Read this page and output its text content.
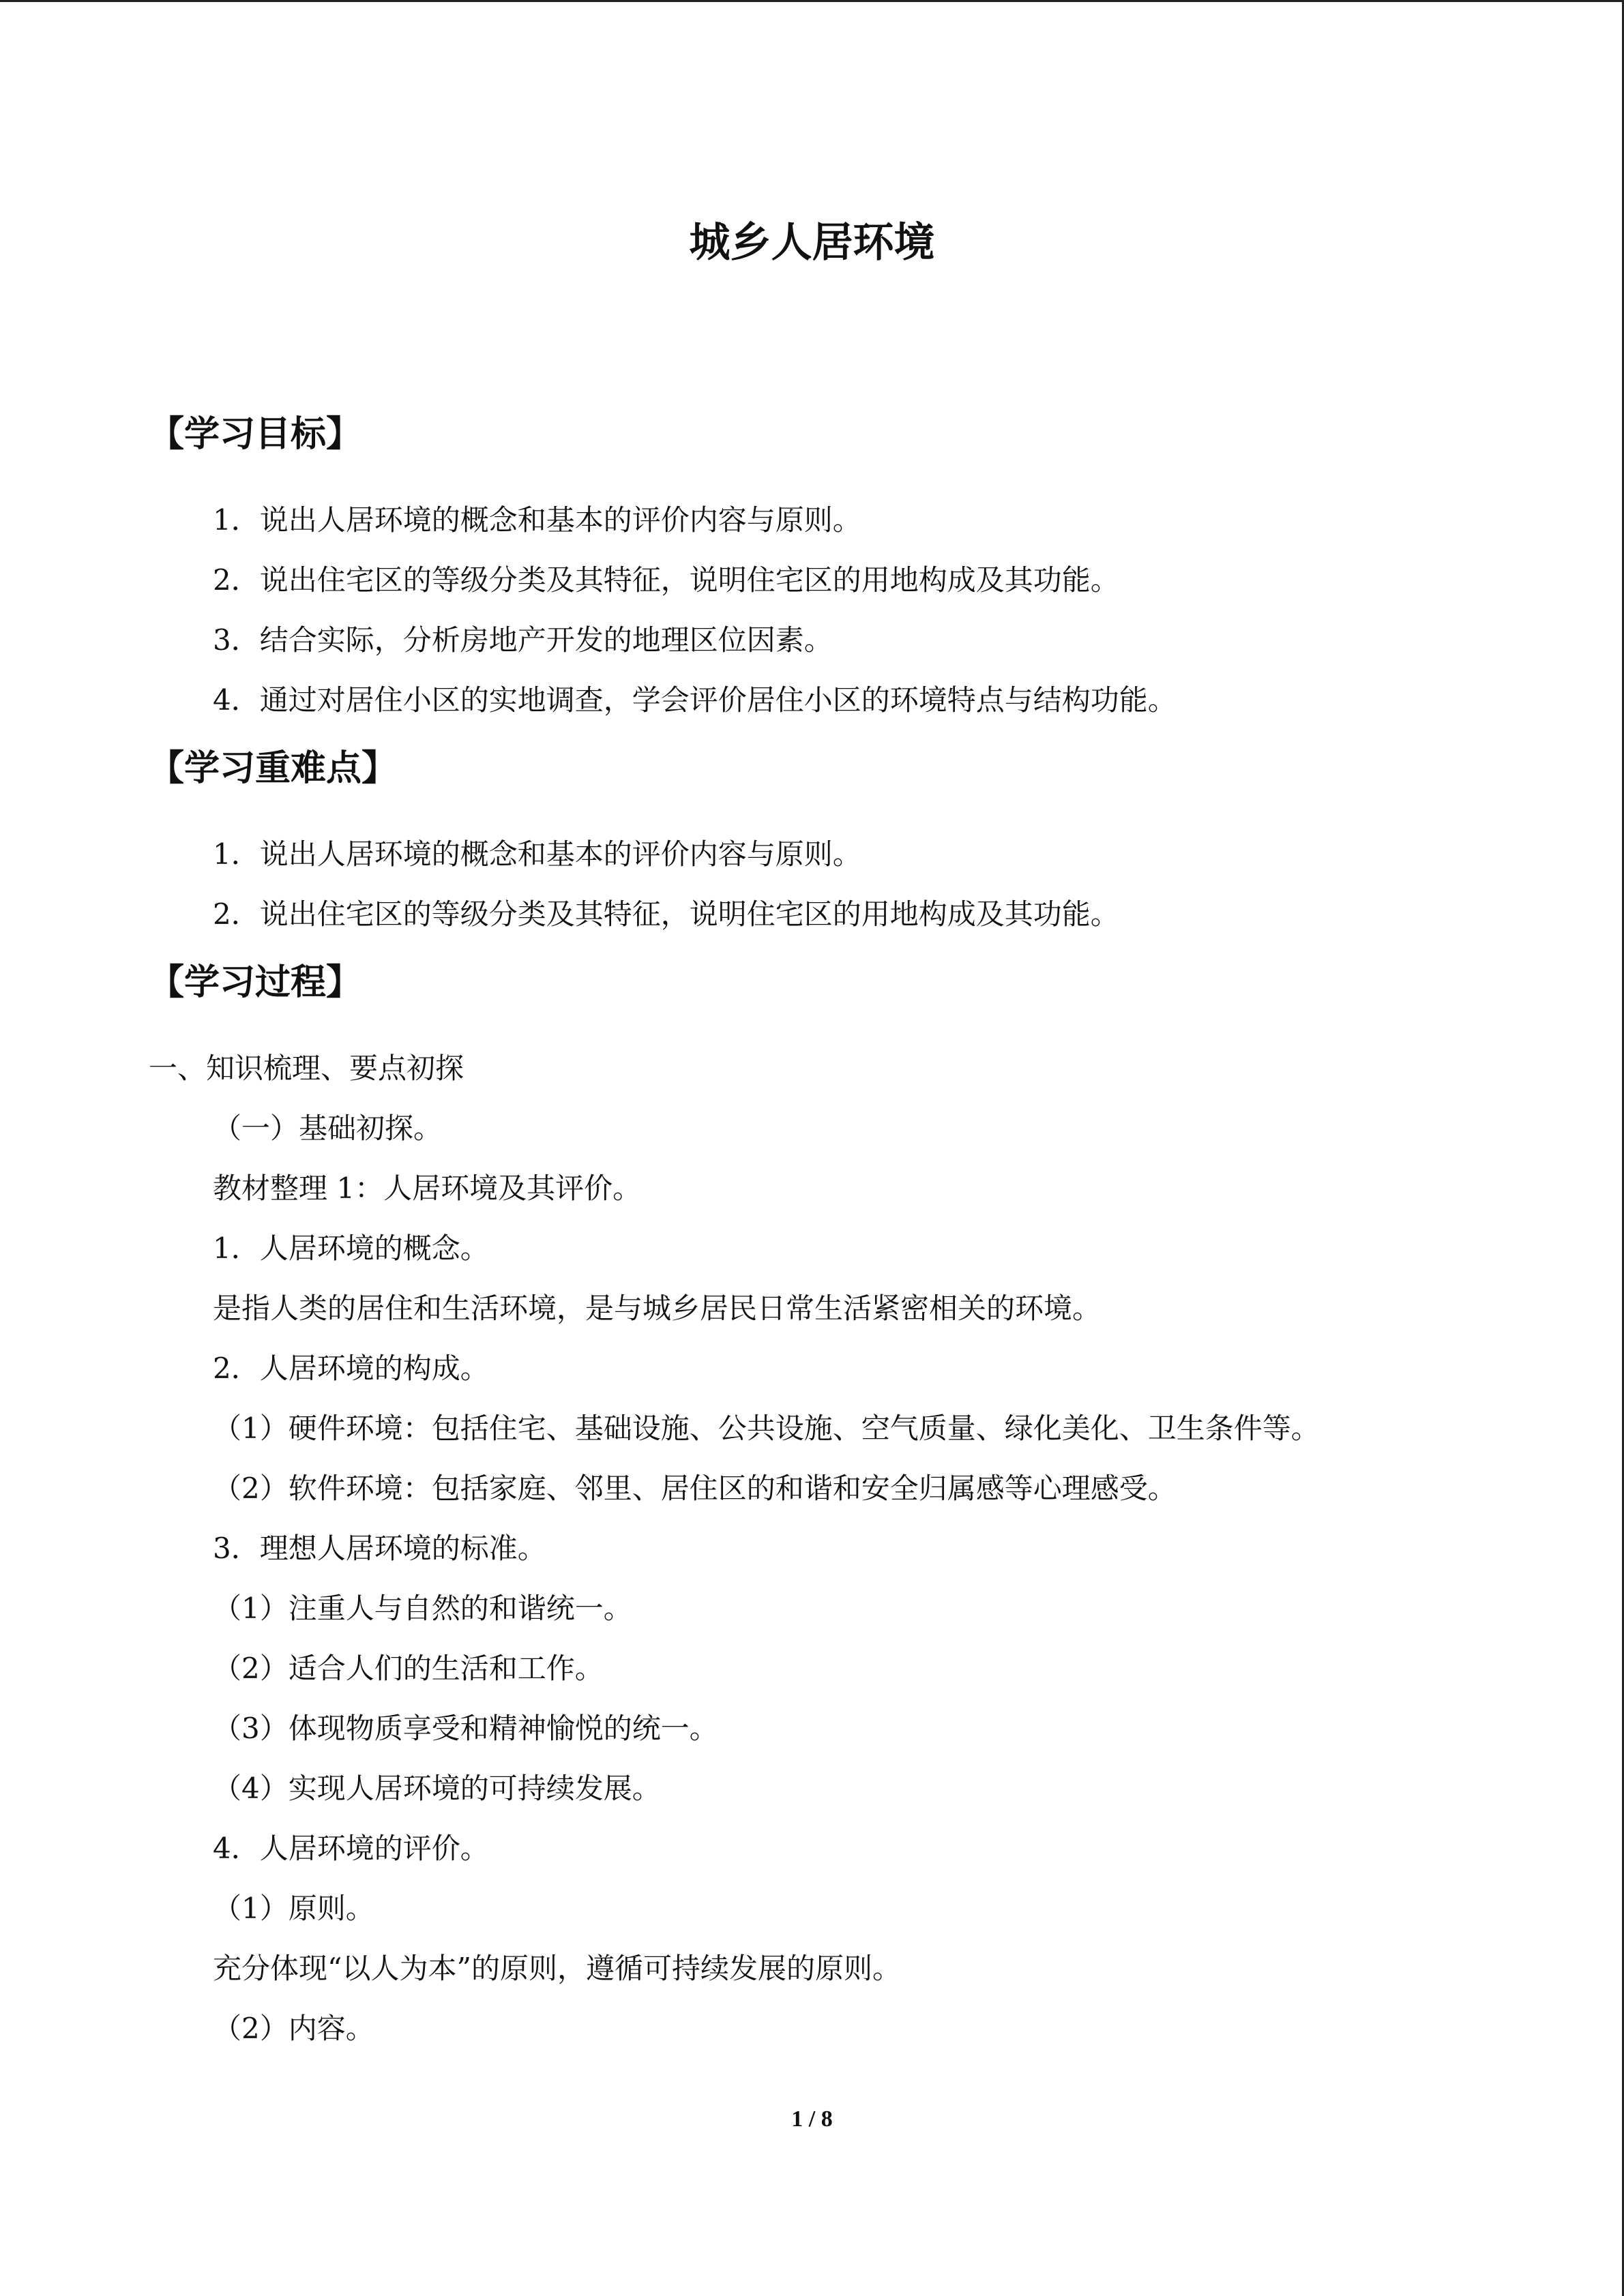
城乡人居环境
【学习目标】
1．说出人居环境的概念和基本的评价内容与原则。
2．说出住宅区的等级分类及其特征，说明住宅区的用地构成及其功能。
3．结合实际，分析房地产开发的地理区位因素。
4．通过对居住小区的实地调查，学会评价居住小区的环境特点与结构功能。
【学习重难点】
1．说出人居环境的概念和基本的评价内容与原则。
2．说出住宅区的等级分类及其特征，说明住宅区的用地构成及其功能。
【学习过程】
一、知识梳理、要点初探
（一）基础初探。
教材整理 1：人居环境及其评价。
1．人居环境的概念。
是指人类的居住和生活环境，是与城乡居民日常生活紧密相关的环境。
2．人居环境的构成。
（1）硬件环境：包括住宅、基础设施、公共设施、空气质量、绿化美化、卫生条件等。
（2）软件环境：包括家庭、邻里、居住区的和谐和安全归属感等心理感受。
3．理想人居环境的标准。
（1）注重人与自然的和谐统一。
（2）适合人们的生活和工作。
（3）体现物质享受和精神愉悦的统一。
（4）实现人居环境的可持续发展。
4．人居环境的评价。
（1）原则。
充分体现“以人为本”的原则，遵循可持续发展的原则。
（2）内容。
1 / 8
